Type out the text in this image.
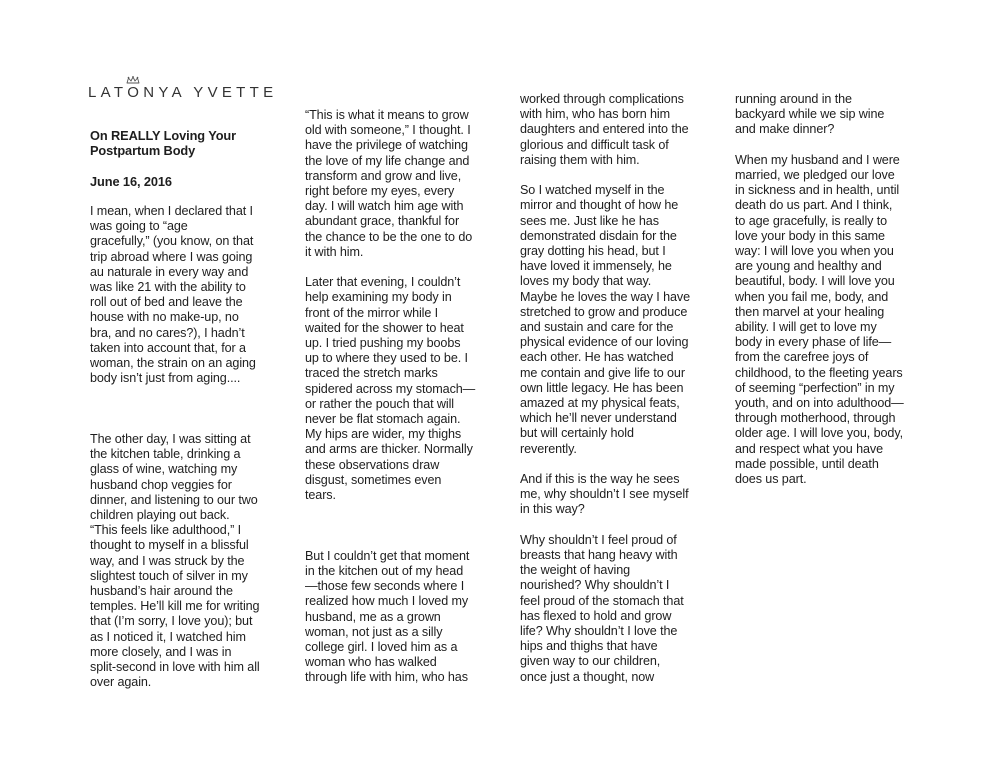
LAT
ONYA YVETTE

On REALLY Loving Your
Postpartum Body

June 16, 2016

I mean, when I declared that I
was going to “age
gracefully,” (you know, on that
trip abroad where I was going
au naturale in every way and
was like 21 with the ability to
roll out of bed and leave the
house with no make-up, no
bra, and no cares?), I hadn’t
taken into account that, for a
woman, the strain on an aging
body isn’t just from aging....

The other day, I was sitting at
the kitchen table, drinking a
glass of wine, watching my
husband chop veggies for
dinner, and listening to our two
children playing out back.
“This feels like adulthood,” I
thought to myself in a blissful
way, and I was struck by the
slightest touch of silver in my
husband’s hair around the
temples. He’ll kill me for writing
that (I’m sorry, I love you); but
as I noticed it, I watched him
more closely, and I was in
split-second in love with him all
over again.

“This is what it means to grow
old with someone,” I thought. I
have the privilege of watching
the love of my life change and
transform and grow and live,
right before my eyes, every
day. I will watch him age with
abundant grace, thankful for
the chance to be the one to do
it with him.

Later that evening, I couldn’t
help examining my body in
front of the mirror while I
waited for the shower to heat
up. I tried pushing my boobs
up to where they used to be. I
traced the stretch marks
spidered across my stomach—
or rather the pouch that will
never be flat stomach again.
My hips are wider, my thighs
and arms are thicker. Normally
these observations draw
disgust, sometimes even
tears.

But I couldn’t get that moment
in the kitchen out of my head
—those few seconds where I
realized how much I loved my
husband, me as a grown
woman, not just as a silly
college girl. I loved him as a
woman who has walked
through life with him, who has

worked through complications
with him, who has born him
daughters and entered into the
glorious and difficult task of
raising them with him.

So I watched myself in the
mirror and thought of how he
sees me. Just like he has
demonstrated disdain for the
gray dotting his head, but I
have loved it immensely, he
loves my body that way.
Maybe he loves the way I have
stretched to grow and produce
and sustain and care for the
physical evidence of our loving
each other. He has watched
me contain and give life to our
own little legacy. He has been
amazed at my physical feats,
which he’ll never understand
but will certainly hold
reverently.

And if this is the way he sees
me, why shouldn’t I see myself
in this way?

Why shouldn’t I feel proud of
breasts that hang heavy with
the weight of having
nourished? Why shouldn’t I
feel proud of the stomach that
has flexed to hold and grow
life? Why shouldn’t I love the
hips and thighs that have
given way to our children,
once just a thought, now

running around in the
backyard while we sip wine
and make dinner?

When my husband and I were
married, we pledged our love
in sickness and in health, until
death do us part. And I think,
to age gracefully, is really to
love your body in this same
way: I will love you when you
are young and healthy and
beautiful, body. I will love you
when you fail me, body, and
then marvel at your healing
ability. I will get to love my
body in every phase of life—
from the carefree joys of
childhood, to the fleeting years
of seeming “perfection” in my
youth, and on into adulthood—
through motherhood, through
older age. I will love you, body,
and respect what you have
made possible, until death
does us part.
